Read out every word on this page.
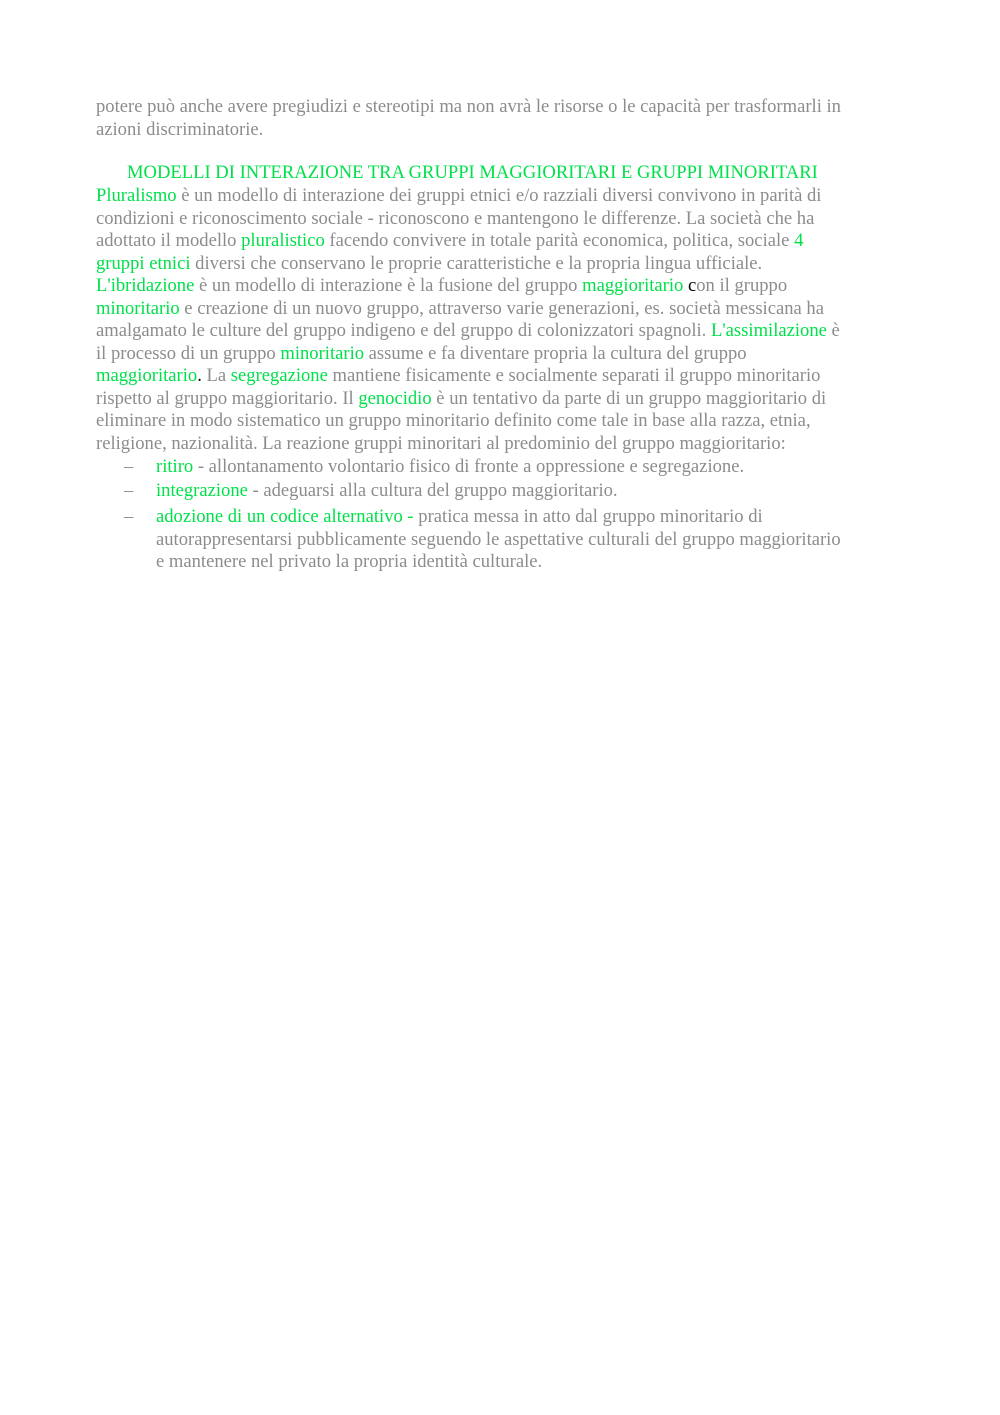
potere può anche avere pregiudizi e stereotipi ma non avrà le risorse o le capacità per trasformarli in
azioni discriminatorie.
MODELLI DI INTERAZIONE TRA GRUPPI MAGGIORITARI E GRUPPI MINORITARI
Pluralismo è un modello di interazione dei gruppi etnici e/o razziali diversi convivono in parità di
condizioni e riconoscimento sociale - riconoscono e mantengono le differenze. La società che ha
adottato il modello pluralistico facendo convivere in totale parità economica, politica, sociale 4
gruppi etnici diversi che conservano le proprie caratteristiche e la propria lingua ufficiale.
L'ibridazione è un modello di interazione è la fusione del gruppo maggioritario con il gruppo
minoritario e creazione di un nuovo gruppo, attraverso varie generazioni, es. società messicana ha
amalgamato le culture del gruppo indigeno e del gruppo di colonizzatori spagnoli. L'assimilazione è
il processo di un gruppo minoritario assume e fa diventare propria la cultura del gruppo
maggioritario. La segregazione mantiene fisicamente e socialmente separati il gruppo minoritario
rispetto al gruppo maggioritario. Il genocidio è un tentativo da parte di un gruppo maggioritario di
eliminare in modo sistematico un gruppo minoritario definito come tale in base alla razza, etnia,
religione, nazionalità. La reazione gruppi minoritari al predominio del gruppo maggioritario:
– ritiro - allontanamento volontario fisico di fronte a oppressione e segregazione.
– integrazione - adeguarsi alla cultura del gruppo maggioritario.
– adozione di un codice alternativo - pratica messa in atto dal gruppo minoritario di
autorappresentarsi pubblicamente seguendo le aspettative culturali del gruppo maggioritario
e mantenere nel privato la propria identità culturale.
